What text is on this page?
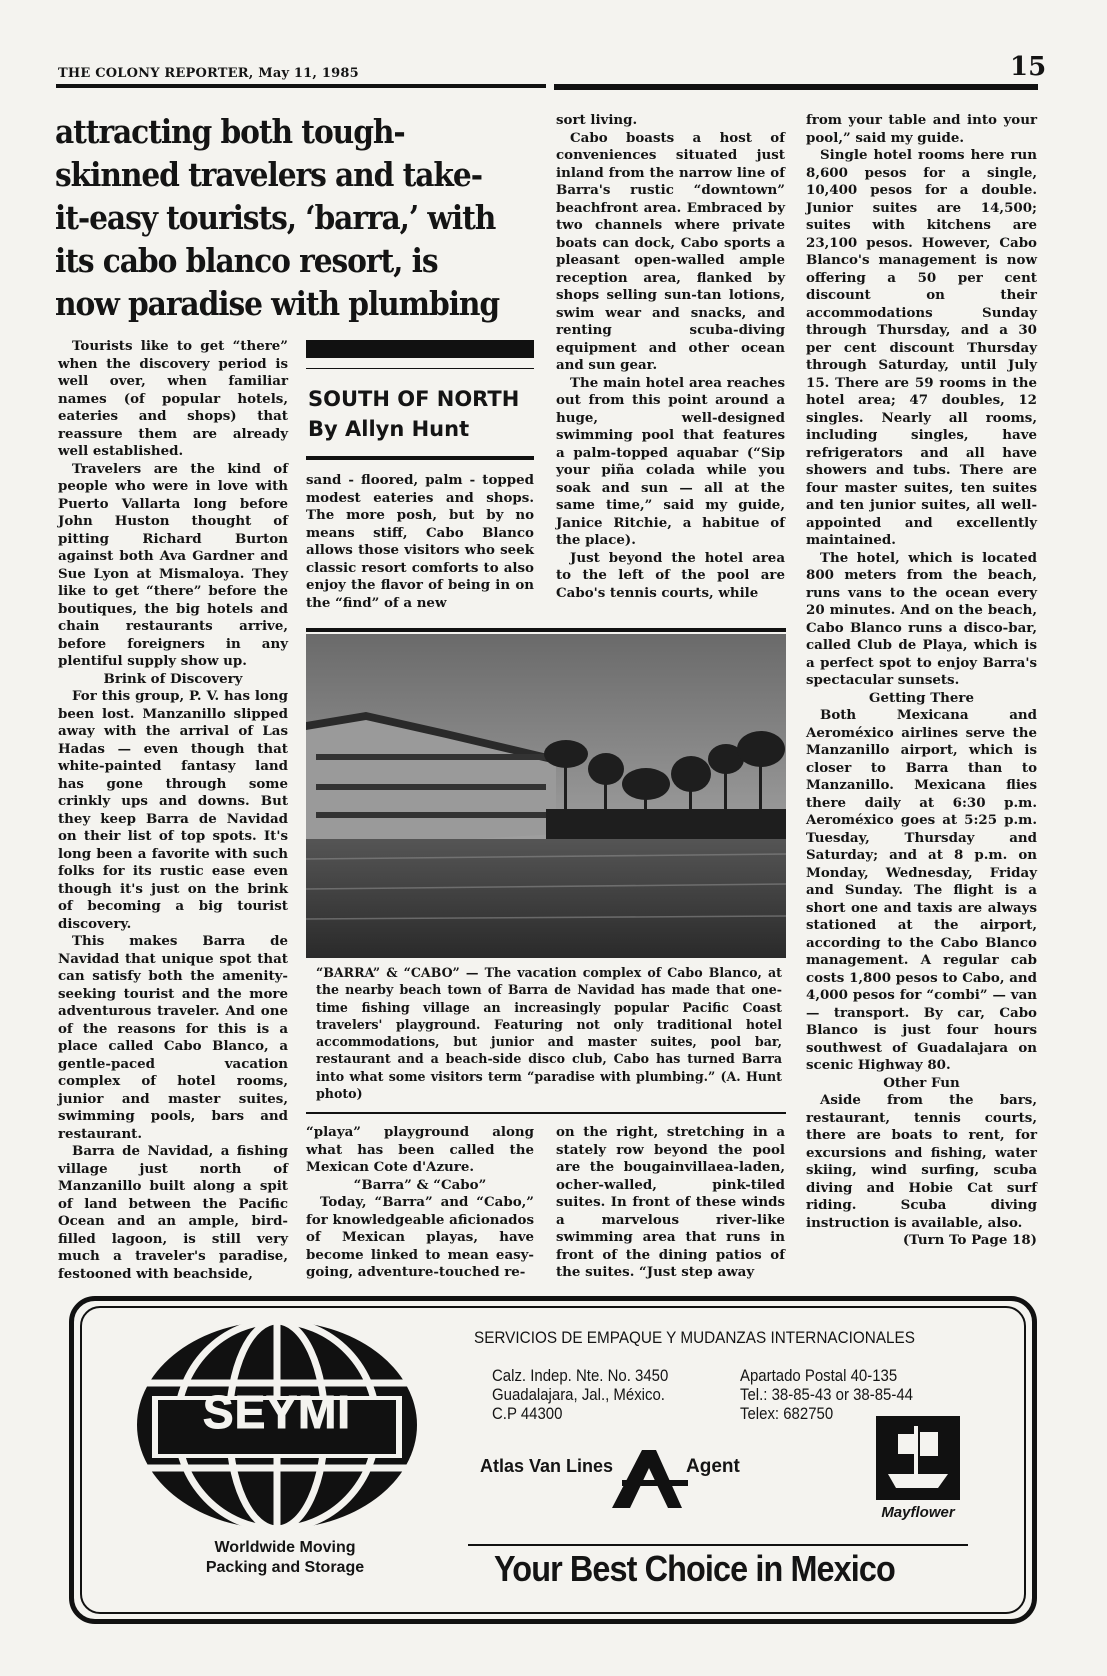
THE COLONY REPORTER, May 11, 1985	15
attracting both tough-skinned travelers and take-it-easy tourists, ‘barra,’ with its cabo blanco resort, is now paradise with plumbing

Tourists like to get “there” when the discovery period is well over, when familiar names (of popular hotels, eateries and shops) that reassure them are already well established.

Travelers are the kind of people who were in love with Puerto Vallarta long before John Huston thought of pitting Richard Burton against both Ava Gardner and Sue Lyon at Mismaloya. They like to get “there” before the boutiques, the big hotels and chain restaurants arrive, before foreigners in any plentiful supply show up.

Brink of Discovery

For this group, P. V. has long been lost. Manzanillo slipped away with the arrival of Las Hadas — even though that white-painted fantasy land has gone through some crinkly ups and downs. But they keep Barra de Navidad on their list of top spots. It's long been a favorite with such folks for its rustic ease even though it's just on the brink of becoming a big tourist discovery.

This makes Barra de Navidad that unique spot that can satisfy both the amenity-seeking tourist and the more adventurous traveler. And one of the reasons for this is a place called Cabo Blanco, a gentle-paced vacation complex of hotel rooms, junior and master suites, swimming pools, bars and restaurant.

Barra de Navidad, a fishing village just north of Manzanillo built along a spit of land between the Pacific Ocean and an ample, bird-filled lagoon, is still very much a traveler's paradise, festooned with beachside,

SOUTH OF NORTH
By Allyn Hunt

sand - floored, palm - topped modest eateries and shops. The more posh, but by no means stiff, Cabo Blanco allows those visitors who seek classic resort comforts to also enjoy the flavor of being in on the “find” of a new

sort living.

Cabo boasts a host of conveniences situated just inland from the narrow line of Barra's rustic “downtown” beachfront area. Embraced by two channels where private boats can dock, Cabo sports a pleasant open-walled ample reception area, flanked by shops selling sun-tan lotions, swim wear and snacks, and renting scuba-diving equipment and other ocean and sun gear.

The main hotel area reaches out from this point around a huge, well-designed swimming pool that features a palm-topped aquabar (“Sip your piña colada while you soak and sun — all at the same time,” said my guide, Janice Ritchie, a habitue of the place).

Just beyond the hotel area to the left of the pool are Cabo's tennis courts, while

from your table and into your pool,” said my guide.

Single hotel rooms here run 8,600 pesos for a single, 10,400 pesos for a double. Junior suites are 14,500; suites with kitchens are 23,100 pesos. However, Cabo Blanco's management is now offering a 50 per cent discount on their accommodations Sunday through Thursday, and a 30 per cent discount Thursday through Saturday, until July 15. There are 59 rooms in the hotel area; 47 doubles, 12 singles. Nearly all rooms, including singles, have refrigerators and all have showers and tubs. There are four master suites, ten suites and ten junior suites, all well-appointed and excellently maintained.

The hotel, which is located 800 meters from the beach, runs vans to the ocean every 20 minutes. And on the beach, Cabo Blanco runs a disco-bar, called Club de Playa, which is a perfect spot to enjoy Barra's spectacular sunsets.

Getting There

Both Mexicana and Aeroméxico airlines serve the Manzanillo airport, which is closer to Barra than to Manzanillo. Mexicana flies there daily at 6:30 p.m. Aeroméxico goes at 5:25 p.m. Tuesday, Thursday and Saturday; and at 8 p.m. on Monday, Wednesday, Friday and Sunday. The flight is a short one and taxis are always stationed at the airport, according to the Cabo Blanco management. A regular cab costs 1,800 pesos to Cabo, and 4,000 pesos for “combi” — van — transport. By car, Cabo Blanco is just four hours southwest of Guadalajara on scenic Highway 80.

Other Fun

Aside from the bars, restaurant, tennis courts, there are boats to rent, for excursions and fishing, water skiing, wind surfing, scuba diving and Hobie Cat surf riding. Scuba diving instruction is available, also.

(Turn To Page 18)

“BARRA” & “CABO” — The vacation complex of Cabo Blanco, at the nearby beach town of Barra de Navidad has made that one-time fishing village an increasingly popular Pacific Coast travelers' playground. Featuring not only traditional hotel accommodations, but junior and master suites, pool bar, restaurant and a beach-side disco club, Cabo has turned Barra into what some visitors term “paradise with plumbing.” (A. Hunt photo)

“playa” playground along what has been called the Mexican Cote d'Azure.

“Barra” & “Cabo”

Today, “Barra” and “Cabo,” for knowledgeable aficionados of Mexican playas, have become linked to mean easy-going, adventure-touched re-

on the right, stretching in a stately row beyond the pool are the bougainvillaea-laden, ocher-walled, pink-tiled suites. In front of these winds a marvelous river-like swimming area that runs in front of the dining patios of the suites. “Just step away

SEYMI
Worldwide Moving
Packing and Storage
SERVICIOS DE EMPAQUE Y MUDANZAS INTERNACIONALES
Calz. Indep. Nte. No. 3450
Guadalajara, Jal., México.
C.P 44300
Apartado Postal 40-135
Tel.: 38-85-43 or 38-85-44
Telex: 682750
Atlas Van Lines	Agent
Mayflower
Your Best Choice in Mexico
